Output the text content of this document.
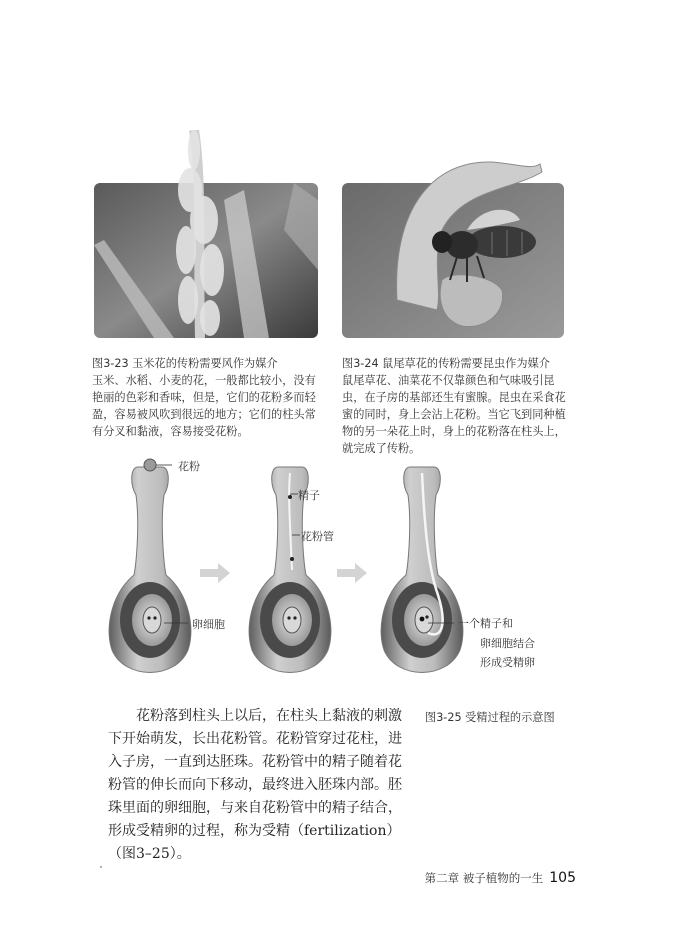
图3-23 玉米花的传粉需要风作为媒介
玉米、水稻、小麦的花，一般都比较小，没有艳丽的色彩和香味，但是，它们的花粉多而轻盈，容易被风吹到很远的地方；它们的柱头常有分叉和黏液，容易接受花粉。
图3-24 鼠尾草花的传粉需要昆虫作为媒介
鼠尾草花、油菜花不仅靠颜色和气味吸引昆虫，在子房的基部还生有蜜腺。昆虫在采食花蜜的同时，身上会沾上花粉。当它飞到同种植物的另一朵花上时，身上的花粉落在柱头上，就完成了传粉。
花粉
精子
花粉管
卵细胞	一个精子和
卵细胞结合
形成受精卵

花粉落到柱头上以后，在柱头上黏液的刺激下开始萌发，长出花粉管。花粉管穿过花柱，进入子房，一直到达胚珠。花粉管中的精子随着花粉管的伸长而向下移动，最终进入胚珠内部。胚珠里面的卵细胞，与来自花粉管中的精子结合，形成受精卵的过程，称为受精（fertilization）（图3–25）。

图3-25 受精过程的示意图
第二章 被子植物的一生 105
